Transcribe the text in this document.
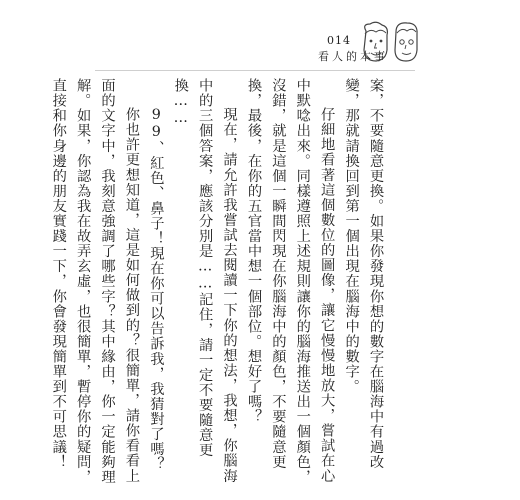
014
看人的本事

案，不要隨意更換。如果你發現你想的數字在腦海中有過改變，那就請換回到第一個出現在腦海中的數字。

仔細地看著這個數位的圖像，讓它慢慢地放大，嘗試在心中默唸出來。同樣遵照上述規則讓你的腦海推送出一個顏色，沒錯，就是這個一瞬間閃現在你腦海中的顏色，不要隨意更換，最後，在你的五官當中想一個部位。想好了嗎？

現在，請允許我嘗試去閱讀一下你的想法，我想，你腦海中的三個答案，應該分別是……記住，請一定不要隨意更換……

99、紅色、鼻子！現在你可以告訴我，我猜對了嗎？

你也許更想知道，這是如何做到的？很簡單，請你看看上面的文字中，我刻意強調了哪些字？其中緣由，你一定能夠理解。如果，你認為我在故弄玄虛，也很簡單，暫停你的疑問，直接和你身邊的朋友實踐一下，你會發現簡單到不可思議！
